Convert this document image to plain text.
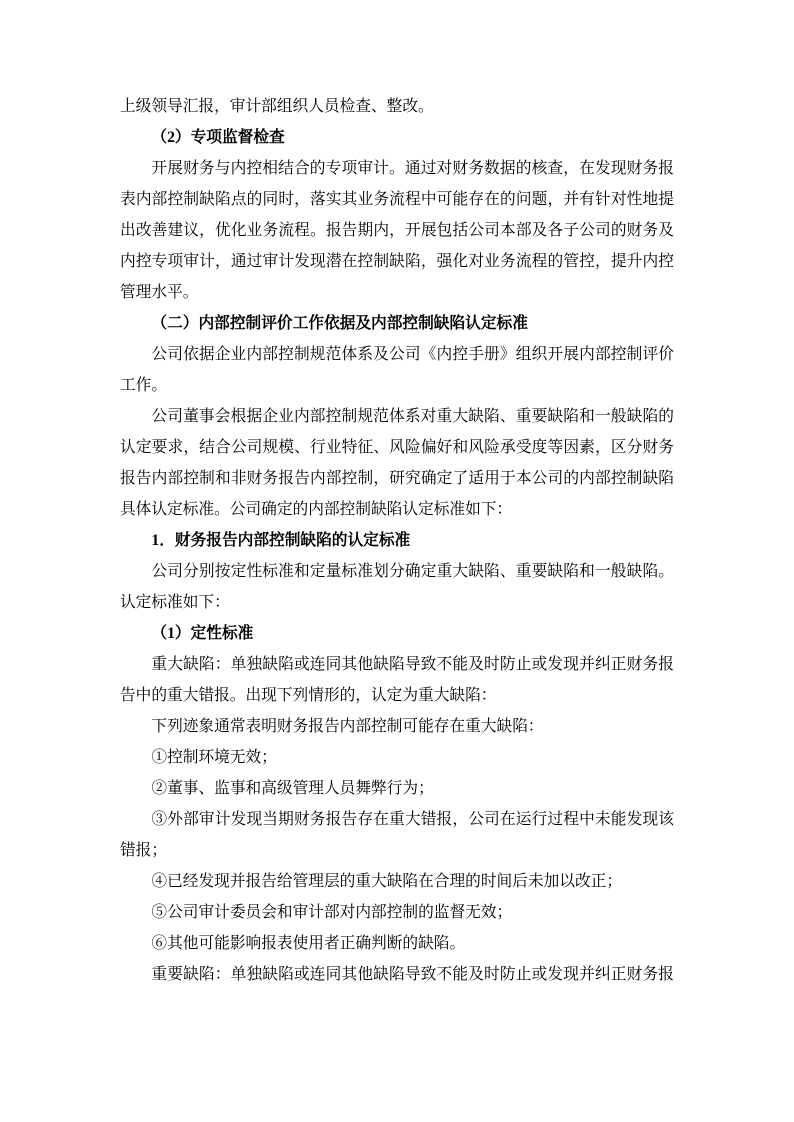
上级领导汇报，审计部组织人员检查、整改。
（2）专项监督检查
开展财务与内控相结合的专项审计。通过对财务数据的核查，在发现财务报
表内部控制缺陷点的同时，落实其业务流程中可能存在的问题，并有针对性地提
出改善建议，优化业务流程。报告期内，开展包括公司本部及各子公司的财务及
内控专项审计，通过审计发现潜在控制缺陷，强化对业务流程的管控，提升内控
管理水平。
（二）内部控制评价工作依据及内部控制缺陷认定标准
公司依据企业内部控制规范体系及公司《内控手册》组织开展内部控制评价
工作。
公司董事会根据企业内部控制规范体系对重大缺陷、重要缺陷和一般缺陷的
认定要求，结合公司规模、行业特征、风险偏好和风险承受度等因素，区分财务
报告内部控制和非财务报告内部控制，研究确定了适用于本公司的内部控制缺陷
具体认定标准。公司确定的内部控制缺陷认定标准如下：
1．财务报告内部控制缺陷的认定标准
公司分别按定性标准和定量标准划分确定重大缺陷、重要缺陷和一般缺陷。
认定标准如下：
（1）定性标准
重大缺陷：单独缺陷或连同其他缺陷导致不能及时防止或发现并纠正财务报
告中的重大错报。出现下列情形的，认定为重大缺陷：
下列迹象通常表明财务报告内部控制可能存在重大缺陷：
①控制环境无效；
②董事、监事和高级管理人员舞弊行为；
③外部审计发现当期财务报告存在重大错报，公司在运行过程中未能发现该
错报；
④已经发现并报告给管理层的重大缺陷在合理的时间后未加以改正；
⑤公司审计委员会和审计部对内部控制的监督无效；
⑥其他可能影响报表使用者正确判断的缺陷。
重要缺陷：单独缺陷或连同其他缺陷导致不能及时防止或发现并纠正财务报
